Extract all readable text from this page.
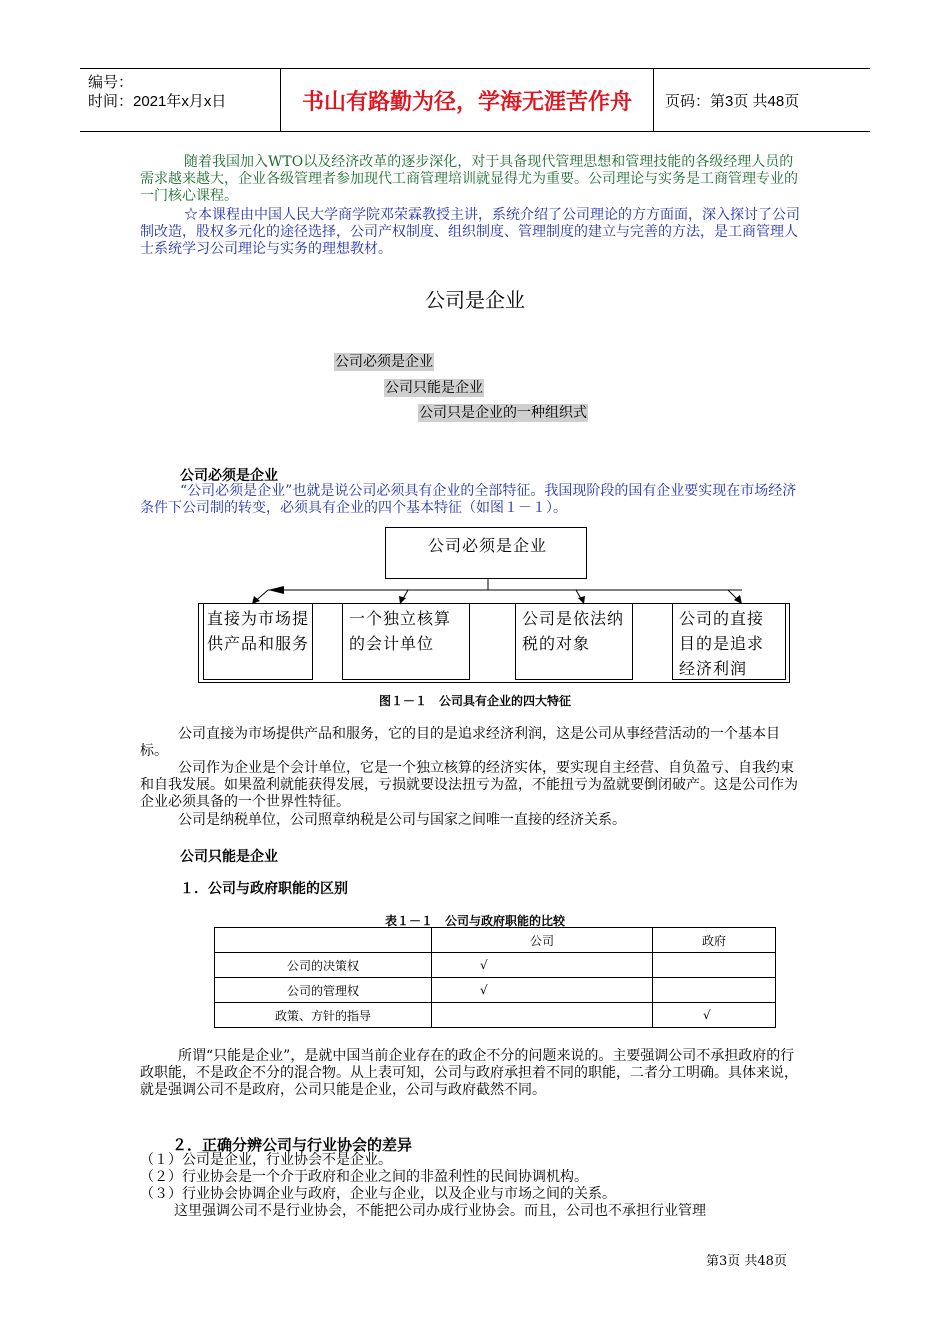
编号：
时间：2021年x月x日	书山有路勤为径，学海无涯苦作舟	页码：第3页 共48页
随着我国加入WTO以及经济改革的逐步深化，对于具备现代管理思想和管理技能的各级经理人员的需求越来越大，企业各级管理者参加现代工商管理培训就显得尤为重要。公司理论与实务是工商管理专业的一门核心课程。
☆本课程由中国人民大学商学院邓荣霖教授主讲，系统介绍了公司理论的方方面面，深入探讨了公司制改造，股权多元化的途径选择，公司产权制度、组织制度、管理制度的建立与完善的方法，是工商管理人士系统学习公司理论与实务的理想教材。
公司是企业
公司必须是企业
公司只能是企业
公司只是企业的一种组织式
公司必须是企业
“公司必须是企业”也就是说公司必须具有企业的全部特征。我国现阶段的国有企业要实现在市场经济条件下公司制的转变，必须具有企业的四个基本特征（如图１－１）。
公司必须是企业
直接为市场提供产品和服务
一个独立核算的会计单位
公司是依法纳税的对象
公司的直接目的是追求经济利润
图１－１　公司具有企业的四大特征
公司直接为市场提供产品和服务，它的目的是追求经济利润，这是公司从事经营活动的一个基本目标。
公司作为企业是个会计单位，它是一个独立核算的经济实体，要实现自主经营、自负盈亏、自我约束和自我发展。如果盈利就能获得发展，亏损就要设法扭亏为盈，不能扭亏为盈就要倒闭破产。这是公司作为企业必须具备的一个世界性特征。
公司是纳税单位，公司照章纳税是公司与国家之间唯一直接的经济关系。
公司只能是企业
１．公司与政府职能的区别
表１－１　公司与政府职能的比较
	公司	政府
公司的决策权	√	
公司的管理权	√	
政策、方针的指导		√
所谓“只能是企业”，是就中国当前企业存在的政企不分的问题来说的。主要强调公司不承担政府的行政职能，不是政企不分的混合物。从上表可知，公司与政府承担着不同的职能，二者分工明确。具体来说，就是强调公司不是政府，公司只能是企业，公司与政府截然不同。
２．正确分辨公司与行业协会的差异
（１）公司是企业，行业协会不是企业。
（２）行业协会是一个介于政府和企业之间的非盈利性的民间协调机构。
（３）行业协会协调企业与政府，企业与企业，以及企业与市场之间的关系。
这里强调公司不是行业协会，不能把公司办成行业协会。而且，公司也不承担行业管理
第3页 共48页
